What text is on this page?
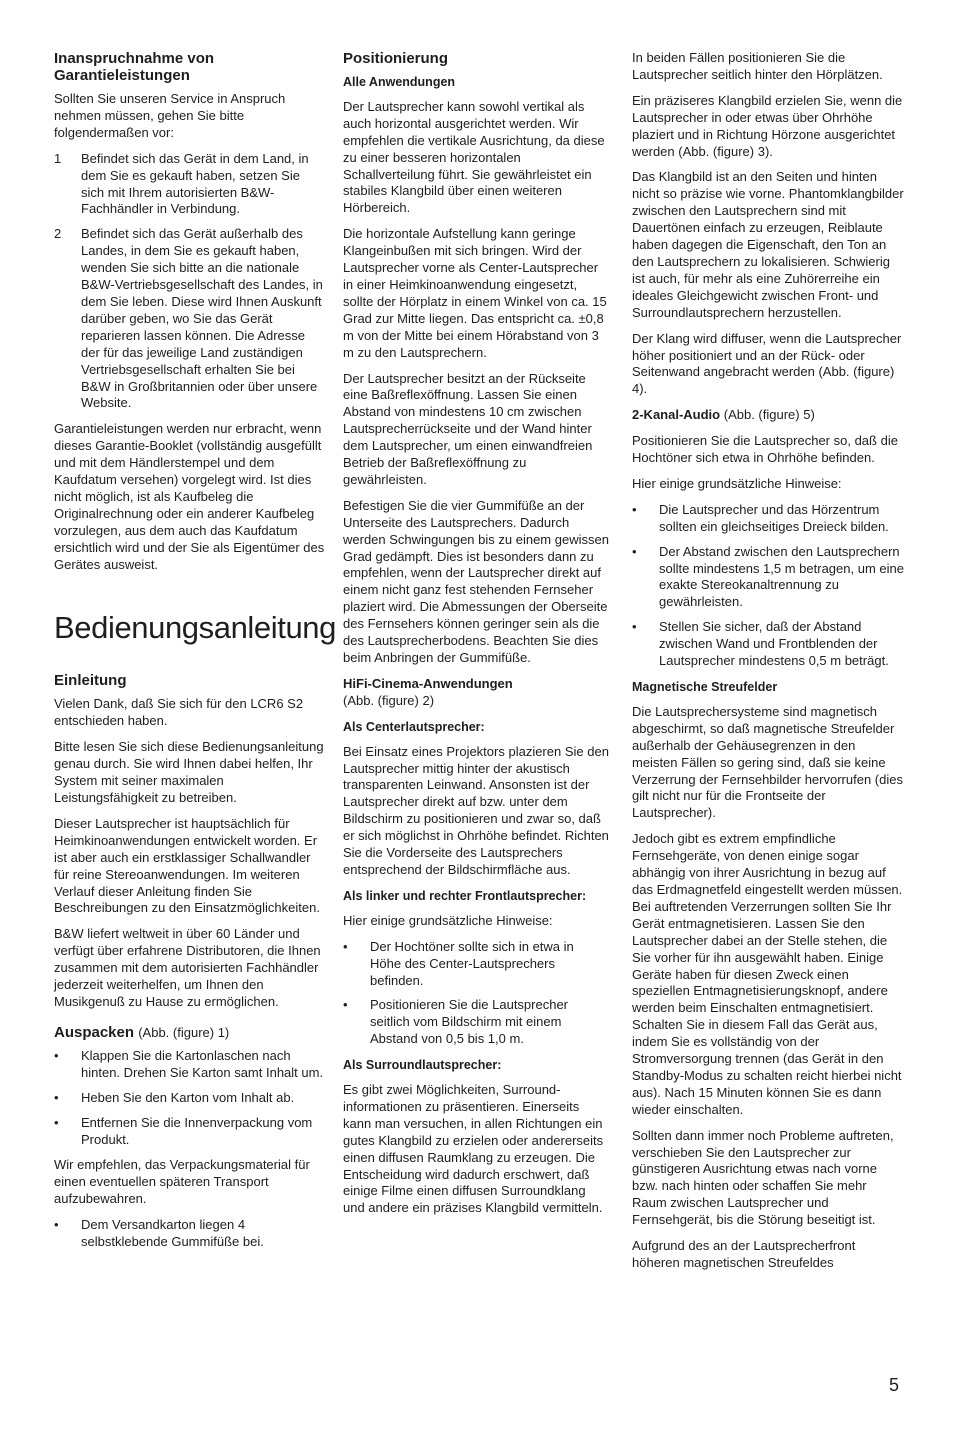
Inanspruchnahme von Garantieleistungen

Sollten Sie unseren Service in Anspruch nehmen müssen, gehen Sie bitte folgendermaßen vor:

1 Befindet sich das Gerät in dem Land, in dem Sie es gekauft haben, setzen Sie sich mit Ihrem autorisierten B&W-Fachhändler in Verbindung.
2 Befindet sich das Gerät außerhalb des Landes, in dem Sie es gekauft haben, wenden Sie sich bitte an die nationale B&W-Vertriebsgesellschaft des Landes, in dem Sie leben. Diese wird Ihnen Auskunft darüber geben, wo Sie das Gerät reparieren lassen können. Die Adresse der für das jeweilige Land zuständigen Vertriebsgesellschaft erhalten Sie bei B&W in Großbritannien oder über unsere Website.

Garantieleistungen werden nur erbracht, wenn dieses Garantie-Booklet (vollständig ausgefüllt und mit dem Händlerstempel und dem Kaufdatum versehen) vorgelegt wird. Ist dies nicht möglich, ist als Kaufbeleg die Originalrechnung oder ein anderer Kaufbeleg vorzulegen, aus dem auch das Kaufdatum ersichtlich wird und der Sie als Eigentümer des Gerätes ausweist.

Bedienungsanleitung
Einleitung

Vielen Dank, daß Sie sich für den LCR6 S2 entschieden haben.

Bitte lesen Sie sich diese Bedienungsanleitung genau durch. Sie wird Ihnen dabei helfen, Ihr System mit seiner maximalen Leistungsfähigkeit zu betreiben.

Dieser Lautsprecher ist hauptsächlich für Heimkinoanwendungen entwickelt worden. Er ist aber auch ein erstklassiger Schallwandler für reine Stereoanwendungen. Im weiteren Verlauf dieser Anleitung finden Sie Beschreibungen zu den Einsatzmöglichkeiten.

B&W liefert weltweit in über 60 Länder und verfügt über erfahrene Distributoren, die Ihnen zusammen mit dem autorisierten Fachhändler jederzeit weiterhelfen, um Ihnen den Musikgenuß zu Hause zu ermöglichen.

Auspacken (Abb. (figure) 1)
• Klappen Sie die Kartonlaschen nach hinten. Drehen Sie Karton samt Inhalt um.
• Heben Sie den Karton vom Inhalt ab.
• Entfernen Sie die Innenverpackung vom Produkt.

Wir empfehlen, das Verpackungsmaterial für einen eventuellen späteren Transport aufzubewahren.

• Dem Versandkarton liegen 4 selbstklebende Gummifüße bei.
Positionierung
Alle Anwendungen

Der Lautsprecher kann sowohl vertikal als auch horizontal ausgerichtet werden. Wir empfehlen die vertikale Ausrichtung, da diese zu einer besseren horizontalen Schallverteilung führt. Sie gewährleistet ein stabiles Klangbild über einen weiteren Hörbereich.

Die horizontale Aufstellung kann geringe Klangeinbußen mit sich bringen. Wird der Lautsprecher vorne als Center-Lautsprecher in einer Heimkinoanwendung eingesetzt, sollte der Hörplatz in einem Winkel von ca. 15 Grad zur Mitte liegen. Das entspricht ca. ±0,8 m von der Mitte bei einem Hörabstand von 3 m zu den Lautsprechern.

Der Lautsprecher besitzt an der Rückseite eine Baßreflexöffnung. Lassen Sie einen Abstand von mindestens 10 cm zwischen Lautsprecherrückseite und der Wand hinter dem Lautsprecher, um einen einwandfreien Betrieb der Baßreflexöffnung zu gewährleisten.

Befestigen Sie die vier Gummifüße an der Unterseite des Lautsprechers. Dadurch werden Schwingungen bis zu einem gewissen Grad gedämpft. Dies ist besonders dann zu empfehlen, wenn der Lautsprecher direkt auf einem nicht ganz fest stehenden Fernseher plaziert wird. Die Abmessungen der Oberseite des Fernsehers können geringer sein als die des Lautsprecherbodens. Beachten Sie dies beim Anbringen der Gummifüße.

HiFi-Cinema-Anwendungen
(Abb. (figure) 2)

Als Centerlautsprecher:

Bei Einsatz eines Projektors plazieren Sie den Lautsprecher mittig hinter der akustisch transparenten Leinwand. Ansonsten ist der Lautsprecher direkt auf bzw. unter dem Bildschirm zu positionieren und zwar so, daß er sich möglichst in Ohrhöhe befindet. Richten Sie die Vorderseite des Lautsprechers entsprechend der Bildschirmfläche aus.

Als linker und rechter Frontlautsprecher:

Hier einige grundsätzliche Hinweise:

• Der Hochtöner sollte sich in etwa in Höhe des Center-Lautsprechers befinden.
• Positionieren Sie die Lautsprecher seitlich vom Bildschirm mit einem Abstand von 0,5 bis 1,0 m.
Als Surroundlautsprecher:

Es gibt zwei Möglichkeiten, Surround-informationen zu präsentieren. Einerseits kann man versuchen, in allen Richtungen ein gutes Klangbild zu erzielen oder andererseits einen diffusen Raumklang zu erzeugen. Die Entscheidung wird dadurch erschwert, daß einige Filme einen diffusen Surroundklang und andere ein präzises Klangbild vermitteln.

In beiden Fällen positionieren Sie die Lautsprecher seitlich hinter den Hörplätzen.

Ein präziseres Klangbild erzielen Sie, wenn die Lautsprecher in oder etwas über Ohrhöhe plaziert und in Richtung Hörzone ausgerichtet werden (Abb. (figure) 3).

Das Klangbild ist an den Seiten und hinten nicht so präzise wie vorne. Phantomklangbilder zwischen den Lautsprechern sind mit Dauertönen einfach zu erzeugen, Reiblaute haben dagegen die Eigenschaft, den Ton an den Lautsprechern zu lokalisieren. Schwierig ist auch, für mehr als eine Zuhörerreihe ein ideales Gleichgewicht zwischen Front- und Surroundlautsprechern herzustellen.

Der Klang wird diffuser, wenn die Lautsprecher höher positioniert und an der Rück- oder Seitenwand angebracht werden (Abb. (figure) 4).

2-Kanal-Audio (Abb. (figure) 5)

Positionieren Sie die Lautsprecher so, daß die Hochtöner sich etwa in Ohrhöhe befinden.

Hier einige grundsätzliche Hinweise:

• Die Lautsprecher und das Hörzentrum sollten ein gleichseitiges Dreieck bilden.
• Der Abstand zwischen den Lautsprechern sollte mindestens 1,5 m betragen, um eine exakte Stereokanaltrennung zu gewährleisten.
• Stellen Sie sicher, daß der Abstand zwischen Wand und Frontblenden der Lautsprecher mindestens 0,5 m beträgt.
Magnetische Streufelder

Die Lautsprechersysteme sind magnetisch abgeschirmt, so daß magnetische Streufelder außerhalb der Gehäusegrenzen in den meisten Fällen so gering sind, daß sie keine Verzerrung der Fernsehbilder hervorrufen (dies gilt nicht nur für die Frontseite der Lautsprecher).

Jedoch gibt es extrem empfindliche Fernsehgeräte, von denen einige sogar abhängig von ihrer Ausrichtung in bezug auf das Erdmagnetfeld eingestellt werden müssen. Bei auftretenden Verzerrungen sollten Sie Ihr Gerät entmagnetisieren. Lassen Sie den Lautsprecher dabei an der Stelle stehen, die Sie vorher für ihn ausgewählt haben. Einige Geräte haben für diesen Zweck einen speziellen Entmagnetisierungsknopf, andere werden beim Einschalten entmagnetisiert. Schalten Sie in diesem Fall das Gerät aus, indem Sie es vollständig von der Stromversorgung trennen (das Gerät in den Standby-Modus zu schalten reicht hierbei nicht aus). Nach 15 Minuten können Sie es dann wieder einschalten.

Sollten dann immer noch Probleme auftreten, verschieben Sie den Lautsprecher zur günstigeren Ausrichtung etwas nach vorne bzw. nach hinten oder schaffen Sie mehr Raum zwischen Lautsprecher und Fernsehgerät, bis die Störung beseitigt ist.

Aufgrund des an der Lautsprecherfront höheren magnetischen Streufeldes

5
